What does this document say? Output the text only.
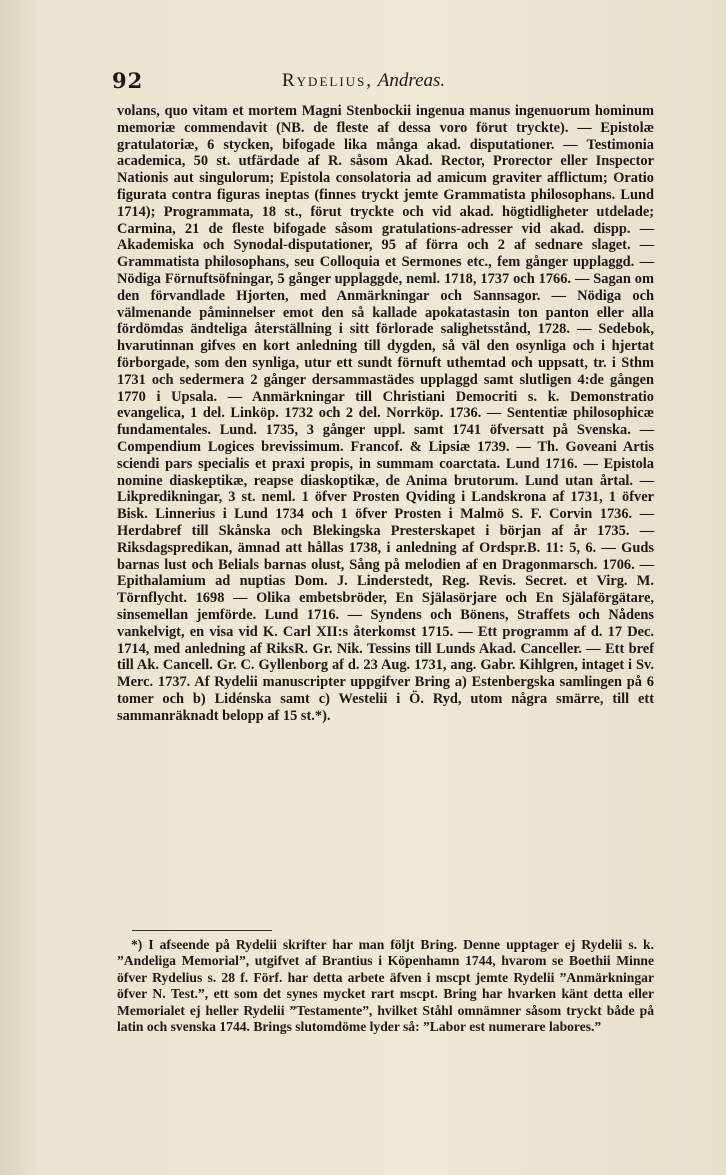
92	Rydelius, Andreas.
volans, quo vitam et mortem Magni Stenbockii ingenua manus ingenuorum hominum memoriæ commendavit (NB. de fleste af dessa voro förut tryckte). — Epistolæ gratulatoriæ, 6 stycken, bifogade lika många akad. disputationer. — Testimonia academica, 50 st. utfärdade af R. såsom Akad. Rector, Prorector eller Inspector Nationis aut singulorum; Epistola consolatoria ad amicum graviter afflictum; Oratio figurata contra figuras ineptas (finnes tryckt jemte Grammatista philosophans. Lund 1714); Programmata, 18 st., förut tryckte och vid akad. högtidligheter utdelade; Carmina, 21 de fleste bifogade såsom gratulations-adresser vid akad. dispp. — Akademiska och Synodal-disputationer, 95 af förra och 2 af sednare slaget. — Grammatista philosophans, seu Colloquia et Sermones etc., fem gånger upplaggd. — Nödiga Förnuftsöfningar, 5 gånger upplaggde, neml. 1718, 1737 och 1766. — Sagan om den förvandlade Hjorten, med Anmärkningar och Sannsagor. — Nödiga och välmenande påminnelser emot den så kallade apokatastasin ton panton eller alla fördömdas ändteliga återställning i sitt förlorade salighetsstånd, 1728. — Sedebok, hvarutinnan gifves en kort anledning till dygden, så väl den osynliga och i hjertat förborgade, som den synliga, utur ett sundt förnuft uthemtad och uppsatt, tr. i Sthm 1731 och sedermera 2 gånger dersammastädes upplaggd samt slutligen 4:de gången 1770 i Upsala. — Anmärkningar till Christiani Democriti s. k. Demonstratio evangelica, 1 del. Linköp. 1732 och 2 del. Norrköp. 1736. — Sententiæ philosophicæ fundamentales. Lund. 1735, 3 gånger uppl. samt 1741 öfversatt på Svenska. — Compendium Logices brevissimum. Francof. & Lipsiæ 1739. — Th. Goveani Artis sciendi pars specialis et praxi propis, in summam coarctata. Lund 1716. — Epistola nomine diaskeptikæ, reapse diaskoptikæ, de Anima brutorum. Lund utan årtal. — Likpredikningar, 3 st. neml. 1 öfver Prosten Qviding i Landskrona af 1731, 1 öfver Bisk. Linnerius i Lund 1734 och 1 öfver Prosten i Malmö S. F. Corvin 1736. — Herdabref till Skånska och Blekingska Presterskapet i början af år 1735. — Riksdagspredikan, ämnad att hållas 1738, i anledning af Ordspr.B. 11: 5, 6. — Guds barnas lust och Belials barnas olust, Sång på melodien af en Dragonmarsch. 1706. — Epithalamium ad nuptias Dom. J. Linderstedt, Reg. Revis. Secret. et Virg. M. Törnflycht. 1698 — Olika embetsbröder, En Själasörjare och En Själaförgätare, sinsemellan jemförde. Lund 1716. — Syndens och Bönens, Straffets och Nådens vankelvigt, en visa vid K. Carl XII:s återkomst 1715. — Ett programm af d. 17 Dec. 1714, med anledning af RiksR. Gr. Nik. Tessins till Lunds Akad. Canceller. — Ett bref till Ak. Cancell. Gr. C. Gyllenborg af d. 23 Aug. 1731, ang. Gabr. Kihlgren, intaget i Sv. Merc. 1737. Af Rydelii manuscripter uppgifver Bring a) Estenbergska samlingen på 6 tomer och b) Lidénska samt c) Westelii i Ö. Ryd, utom några smärre, till ett sammanräknadt belopp af 15 st.*).
*) I afseende på Rydelii skrifter har man följt Bring. Denne upptager ej Rydelii s. k. ”Andeliga Memorial”, utgifvet af Brantius i Köpenhamn 1744, hvarom se Boethii Minne öfver Rydelius s. 28 f. Förf. har detta arbete äfven i mscpt jemte Rydelii ”Anmärkningar öfver N. Test.”, ett som det synes mycket rart mscpt. Bring har hvarken känt detta eller Memorialet ej heller Rydelii ”Testamente”, hvilket Ståhl omnämner såsom tryckt både på latin och svenska 1744. Brings slutomdöme lyder så: ”Labor est numerare labores.”
